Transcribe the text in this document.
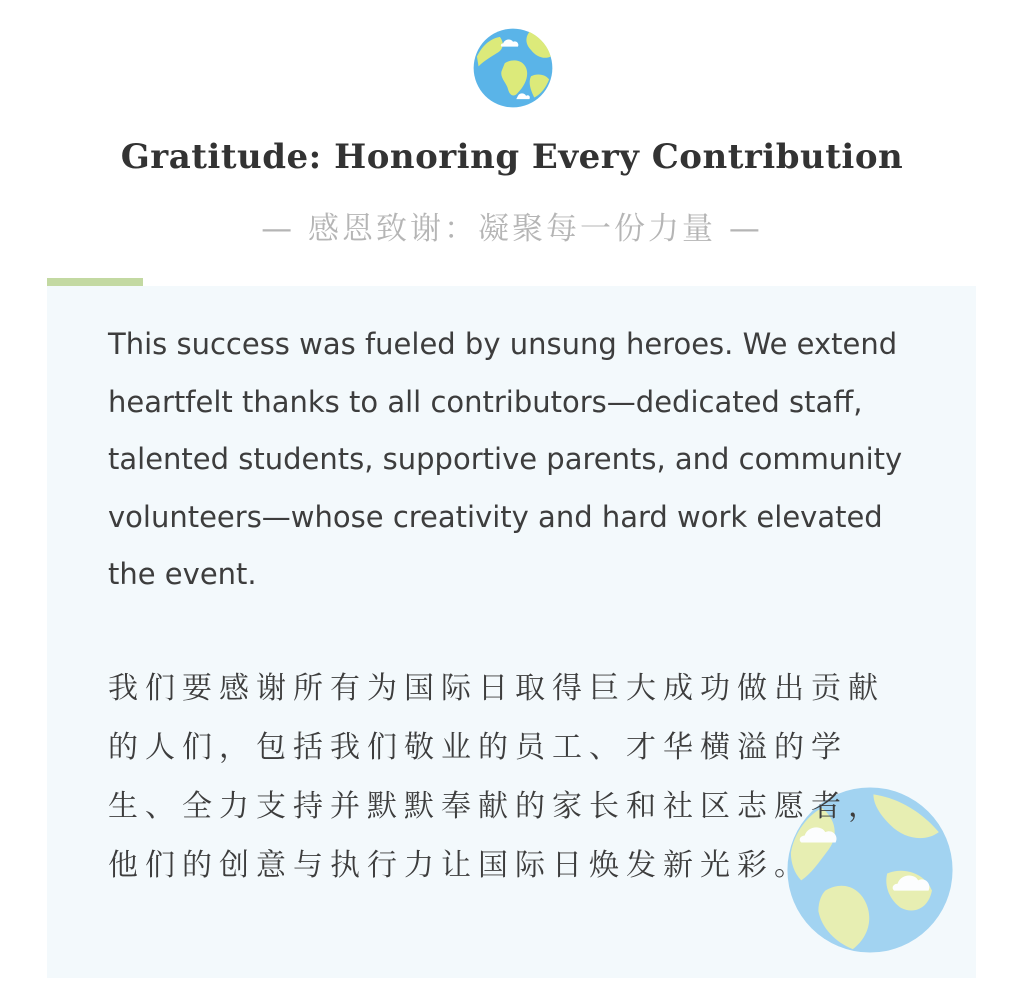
Gratitude: Honoring Every Contribution
— 感恩致谢：凝聚每一份力量 —

This success was fueled by unsung heroes. We extend heartfelt thanks to all contributors—dedicated staff, talented students, supportive parents, and community volunteers—whose creativity and hard work elevated the event.

我们要感谢所有为国际日取得巨大成功做出贡献的人们，包括我们敬业的员工、才华横溢的学生、全力支持并默默奉献的家长和社区志愿者，他们的创意与执行力让国际日焕发新光彩。
